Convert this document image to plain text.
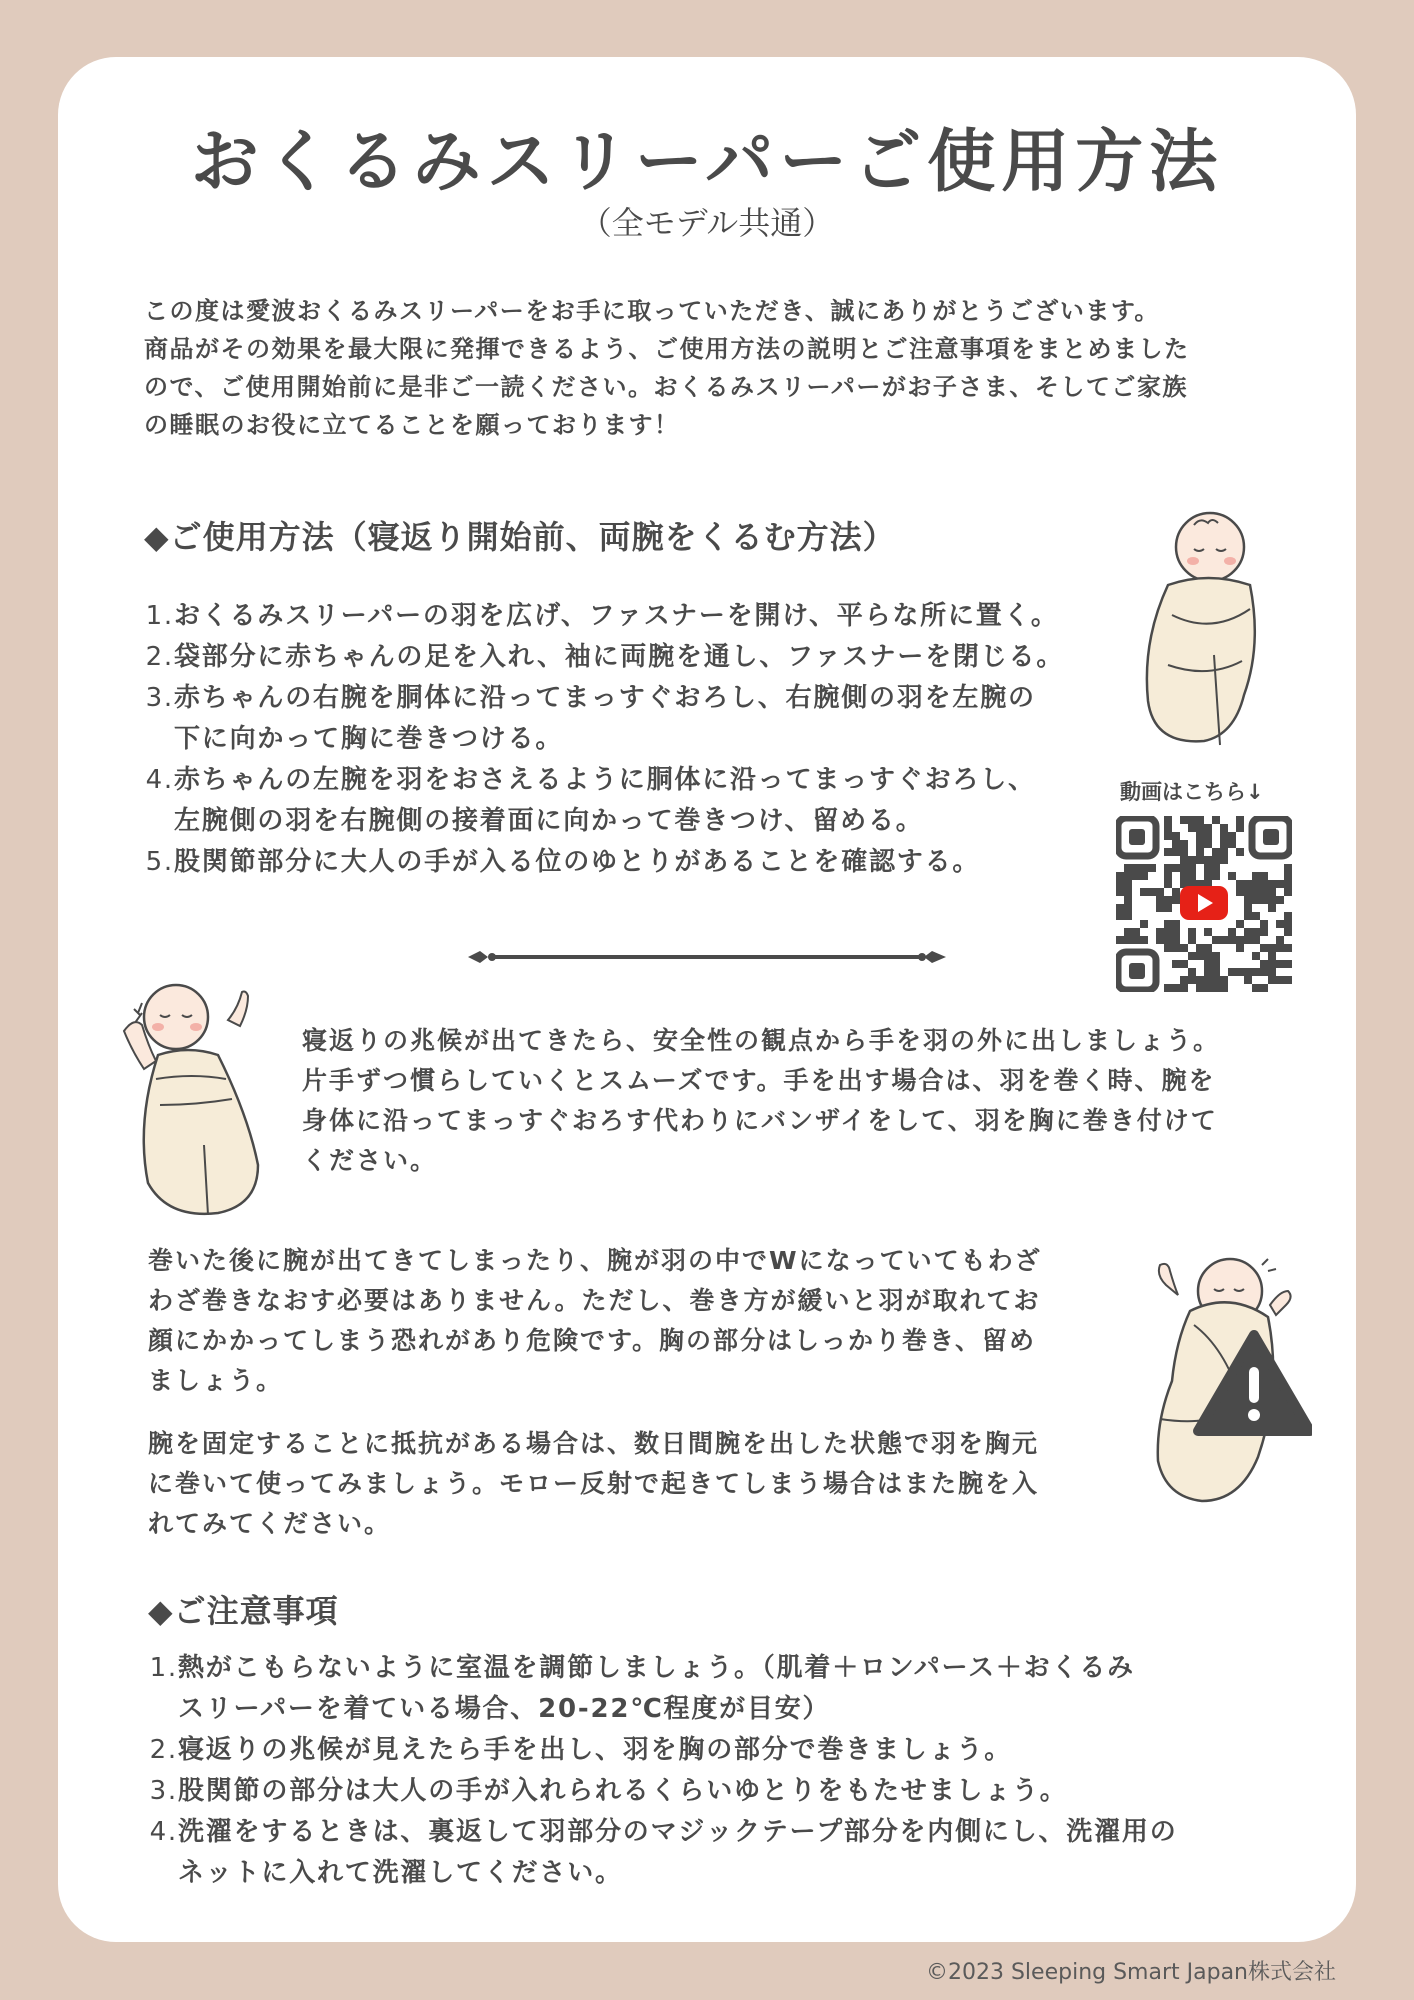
おくるみスリーパーご使用方法
（全モデル共通）
この度は愛波おくるみスリーパーをお手に取っていただき、誠にありがとうございます。
商品がその効果を最大限に発揮できるよう、ご使用方法の説明とご注意事項をまとめました
ので、ご使用開始前に是非ご一読ください。おくるみスリーパーがお子さま、そしてご家族
の睡眠のお役に立てることを願っております！
◆ご使用方法（寝返り開始前、両腕をくるむ方法）
1.おくるみスリーパーの羽を広げ、ファスナーを開け、平らな所に置く。
2.袋部分に赤ちゃんの足を入れ、袖に両腕を通し、ファスナーを閉じる。
3.赤ちゃんの右腕を胴体に沿ってまっすぐおろし、右腕側の羽を左腕の
下に向かって胸に巻きつける。
4.赤ちゃんの左腕を羽をおさえるように胴体に沿ってまっすぐおろし、
左腕側の羽を右腕側の接着面に向かって巻きつけ、留める。
5.股関節部分に大人の手が入る位のゆとりがあることを確認する。
動画はこちら↓
寝返りの兆候が出てきたら、安全性の観点から手を羽の外に出しましょう。
片手ずつ慣らしていくとスムーズです。手を出す場合は、羽を巻く時、腕を
身体に沿ってまっすぐおろす代わりにバンザイをして、羽を胸に巻き付けて
ください。
巻いた後に腕が出てきてしまったり、腕が羽の中でWになっていてもわざ
わざ巻きなおす必要はありません。ただし、巻き方が緩いと羽が取れてお
顔にかかってしまう恐れがあり危険です。胸の部分はしっかり巻き、留め
ましょう。
腕を固定することに抵抗がある場合は、数日間腕を出した状態で羽を胸元
に巻いて使ってみましょう。モロー反射で起きてしまう場合はまた腕を入
れてみてください。
◆ご注意事項
1.熱がこもらないように室温を調節しましょう。（肌着＋ロンパース＋おくるみ
スリーパーを着ている場合、20-22℃程度が目安）
2.寝返りの兆候が見えたら手を出し、羽を胸の部分で巻きましょう。
3.股関節の部分は大人の手が入れられるくらいゆとりをもたせましょう。
4.洗濯をするときは、裏返して羽部分のマジックテープ部分を内側にし、洗濯用の
ネットに入れて洗濯してください。
©2023 Sleeping Smart Japan株式会社
